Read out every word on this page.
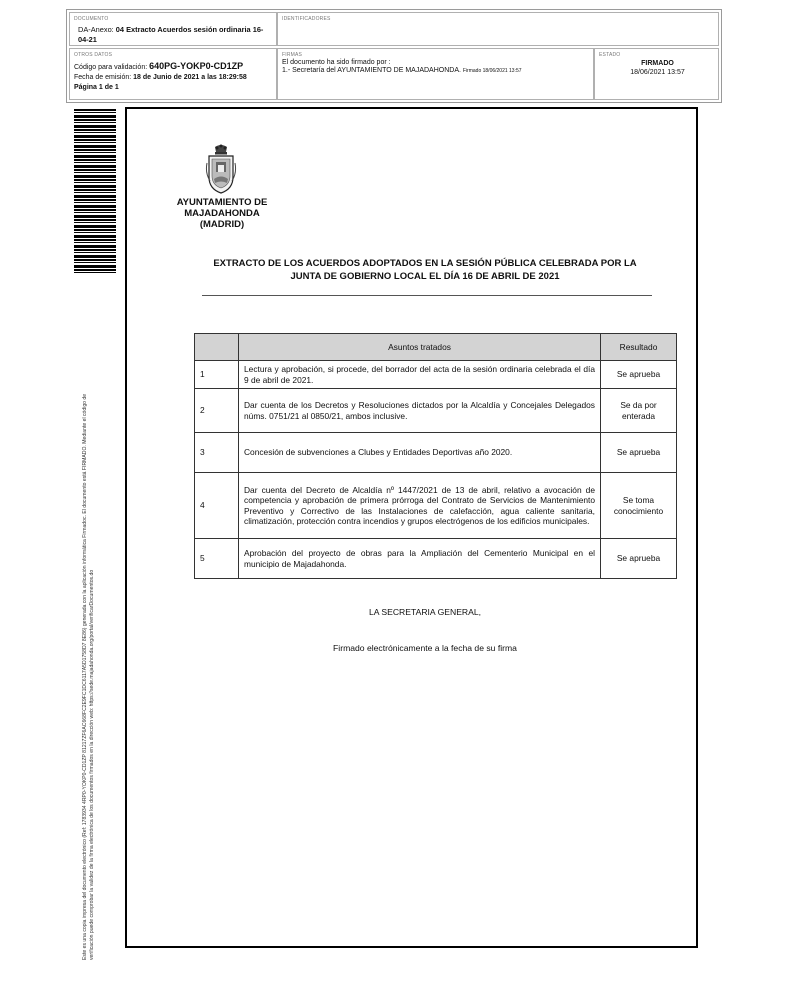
DOCUMENTO
DA-Anexo: 04 Extracto Acuerdos sesión ordinaria 16-04-21
IDENTIFICADORES
OTROS DATOS
Código para validación: 640PG-YOKP0-CD1ZP
Fecha de emisión: 18 de Junio de 2021 a las 18:29:58
Página 1 de 1
FIRMAS
El documento ha sido firmado por :
1.- Secretaría del AYUNTAMIENTO DE MAJADAHONDA. Firmado 18/06/2021 13:57
ESTADO
FIRMADO
18/06/2021 13:57
Este es una copia impresa del documento electrónico (Ref: 1783934 4RP0-YOKP0-CD1ZP 81217ZF6AC668FC2E9FC1DC6117A5D1758D7 8E86) generada con la aplicación informática Firmadoc. El documento está FIRMADO. Mediante el código de verificación puede comprobar la validez de la firma electrónica de los documentos firmados en la dirección web: https://sede.majadahonda.org/portal/verificarDocumentos.do
AYUNTAMIENTO DE
MAJADAHONDA
(MADRID)
EXTRACTO DE LOS ACUERDOS ADOPTADOS EN LA SESIÓN PÚBLICA CELEBRADA POR LA
JUNTA DE GOBIERNO LOCAL EL DÍA 16 DE ABRIL DE 2021
	Asuntos tratados	Resultado
1	Lectura y aprobación, si procede, del borrador del acta de la sesión ordinaria celebrada el día 9 de abril de 2021.	Se aprueba
2	Dar cuenta de los Decretos y Resoluciones dictados por la Alcaldía y Concejales Delegados núms. 0751/21 al 0850/21, ambos inclusive.	Se da por enterada
3	Concesión de subvenciones a Clubes y Entidades Deportivas año 2020.	Se aprueba
4	Dar cuenta del Decreto de Alcaldía nº 1447/2021 de 13 de abril, relativo a avocación de competencia y aprobación de primera prórroga del Contrato de Servicios de Mantenimiento Preventivo y Correctivo de las Instalaciones de calefacción, agua caliente sanitaria, climatización, protección contra incendios y grupos electrógenos de los edificios municipales.	Se toma conocimiento
5	Aprobación del proyecto de obras para la Ampliación del Cementerio Municipal en el municipio de Majadahonda.	Se aprueba
LA SECRETARIA GENERAL,
Firmado electrónicamente a la fecha de su firma
